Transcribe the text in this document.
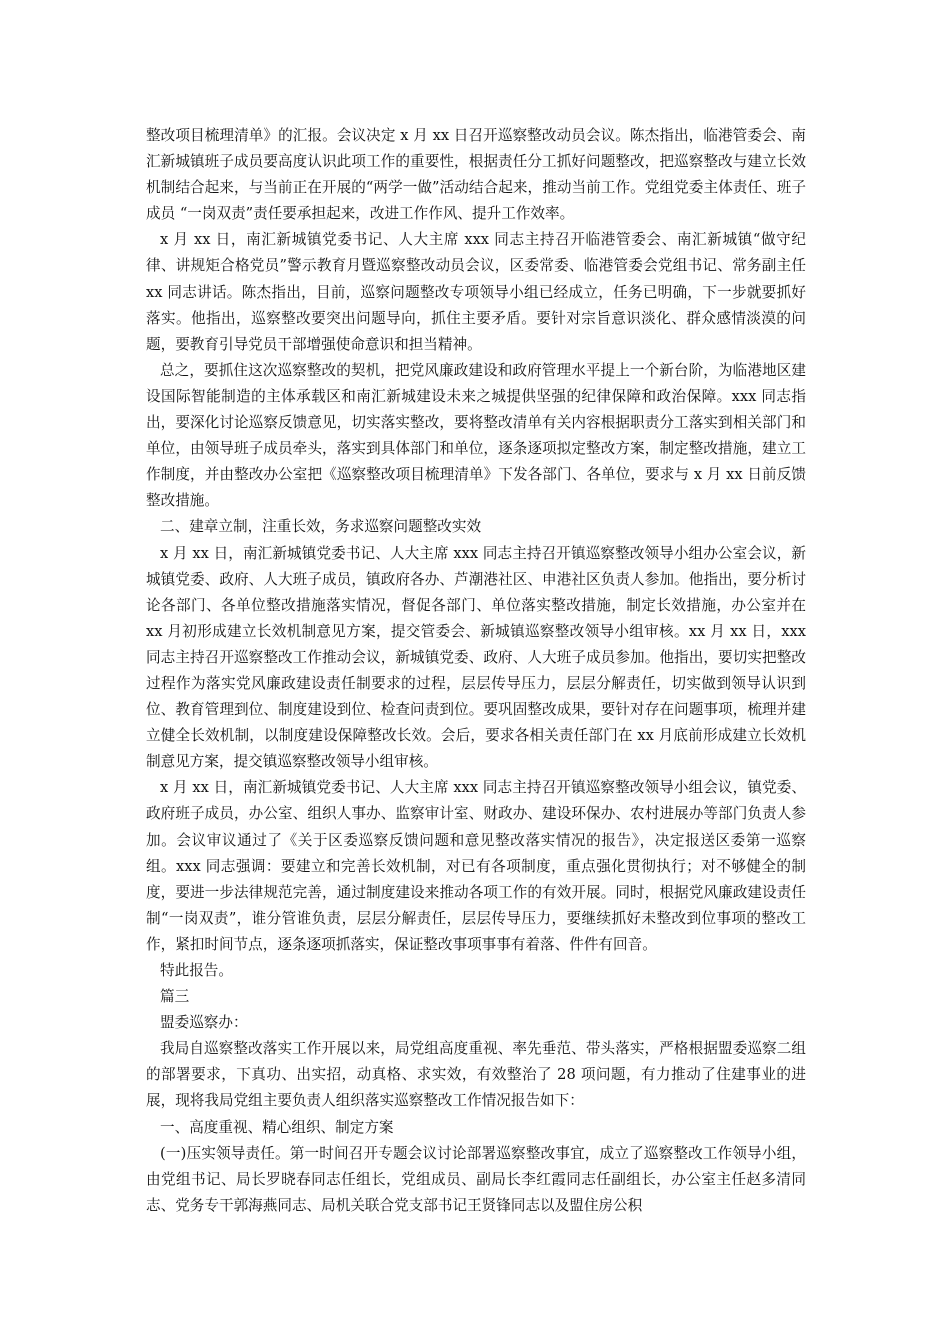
整改项目梳理清单》的汇报。会议决定 x 月 xx 日召开巡察整改动员会议。陈杰指出，临港管委会、南汇新城镇班子成员要高度认识此项工作的重要性，根据责任分工抓好问题整改，把巡察整改与建立长效机制结合起来，与当前正在开展的“两学一做”活动结合起来，推动当前工作。党组党委主体责任、班子成员 “一岗双责”责任要承担起来，改进工作作风、提升工作效率。

x 月 xx 日，南汇新城镇党委书记、人大主席 xxx 同志主持召开临港管委会、南汇新城镇“做守纪律、讲规矩合格党员”警示教育月暨巡察整改动员会议，区委常委、临港管委会党组书记、常务副主任 xx 同志讲话。陈杰指出，目前，巡察问题整改专项领导小组已经成立，任务已明确，下一步就要抓好落实。他指出，巡察整改要突出问题导向，抓住主要矛盾。要针对宗旨意识淡化、群众感情淡漠的问题，要教育引导党员干部增强使命意识和担当精神。

总之，要抓住这次巡察整改的契机，把党风廉政建设和政府管理水平提上一个新台阶，为临港地区建设国际智能制造的主体承载区和南汇新城建设未来之城提供坚强的纪律保障和政治保障。xxx 同志指出，要深化讨论巡察反馈意见，切实落实整改，要将整改清单有关内容根据职责分工落实到相关部门和单位，由领导班子成员牵头，落实到具体部门和单位，逐条逐项拟定整改方案，制定整改措施，建立工作制度，并由整改办公室把《巡察整改项目梳理清单》下发各部门、各单位，要求与 x 月 xx 日前反馈整改措施。

二、建章立制，注重长效，务求巡察问题整改实效

x 月 xx 日，南汇新城镇党委书记、人大主席 xxx 同志主持召开镇巡察整改领导小组办公室会议，新城镇党委、政府、人大班子成员，镇政府各办、芦潮港社区、申港社区负责人参加。他指出，要分析讨论各部门、各单位整改措施落实情况，督促各部门、单位落实整改措施，制定长效措施，办公室并在 xx 月初形成建立长效机制意见方案，提交管委会、新城镇巡察整改领导小组审核。xx 月 xx 日，xxx 同志主持召开巡察整改工作推动会议，新城镇党委、政府、人大班子成员参加。他指出，要切实把整改过程作为落实党风廉政建设责任制要求的过程，层层传导压力，层层分解责任，切实做到领导认识到位、教育管理到位、制度建设到位、检查问责到位。要巩固整改成果，要针对存在问题事项，梳理并建立健全长效机制，以制度建设保障整改长效。会后，要求各相关责任部门在 xx 月底前形成建立长效机制意见方案，提交镇巡察整改领导小组审核。

x 月 xx 日，南汇新城镇党委书记、人大主席 xxx 同志主持召开镇巡察整改领导小组会议，镇党委、政府班子成员，办公室、组织人事办、监察审计室、财政办、建设环保办、农村进展办等部门负责人参加。会议审议通过了《关于区委巡察反馈问题和意见整改落实情况的报告》，决定报送区委第一巡察组。xxx 同志强调：要建立和完善长效机制，对已有各项制度，重点强化贯彻执行；对不够健全的制度，要进一步法律规范完善，通过制度建设来推动各项工作的有效开展。同时，根据党风廉政建设责任制“一岗双责”，谁分管谁负责，层层分解责任，层层传导压力，要继续抓好未整改到位事项的整改工作，紧扣时间节点，逐条逐项抓落实，保证整改事项事事有着落、件件有回音。

特此报告。

篇三

盟委巡察办：

我局自巡察整改落实工作开展以来，局党组高度重视、率先垂范、带头落实，严格根据盟委巡察二组的部署要求，下真功、出实招，动真格、求实效，有效整治了 28 项问题，有力推动了住建事业的进展，现将我局党组主要负责人组织落实巡察整改工作情况报告如下：

一、高度重视、精心组织、制定方案

(一)压实领导责任。第一时间召开专题会议讨论部署巡察整改事宜，成立了巡察整改工作领导小组，由党组书记、局长罗晓春同志任组长，党组成员、副局长李红霞同志任副组长，办公室主任赵多清同志、党务专干郭海燕同志、局机关联合党支部书记王贤锋同志以及盟住房公积
